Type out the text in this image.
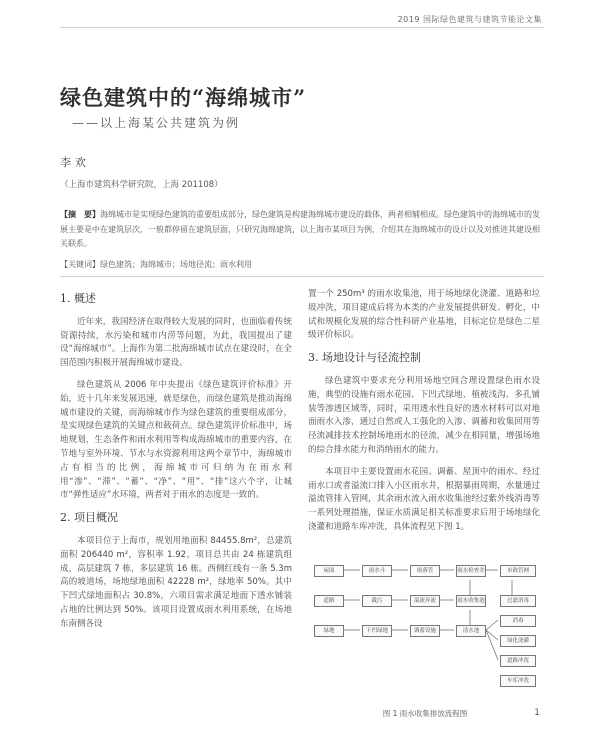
2019 国际绿色建筑与建筑节能论文集
绿色建筑中的“海绵城市”
——以上海某公共建筑为例
李欢
（上海市建筑科学研究院，上海 201108）
【摘　要】海绵城市是实现绿色建筑的重要组成部分，绿色建筑是构建海绵城市建设的载体，两者相辅相成。绿色建筑中的海绵城市的发展主要是中在建筑层次，一般都停留在建筑层面，只研究海绵建筑，以上海市某项目为例，介绍其在海绵城市的设计以及对推进其建设相关联系。
【关键词】绿色建筑；海绵城市；场地径流；雨水利用
1. 概述

近年来，我国经济在取得较大发展的同时，也面临着传统资源持续，水污染和城市内涝等问题，为此，我国提出了建设“海绵城市”。上海作为第二批海绵城市试点在建设时，在全国范围内积极开展海绵城市建设。

绿色建筑从 2006 年中央提出《绿色建筑评价标准》开始，近十几年来发展迅速，就是绿色，而绿色建筑是推动海绵城市建设的关键，而海绵城市作为绿色建筑的重要组成部分，是实现绿色建筑的关键点和载荷点。绿色建筑评价标准中，场地规划，生态条件和雨水利用等构成海绵城市的重要内容，在节地与室外环境、节水与水资源利用这两个章节中，海绵城市占有相当的比例，海绵城市可归纳为在雨水利用“渗”、“滞”、“蓄”、“净”、“用”、“排”这六个字，让城市“弹性适应”水环境，两者对于雨水的态度是一致的。

2. 项目概况

本项目位于上海市，规划用地面积 84455.8m²，总建筑面积 206440 m²，容积率 1.92。项目总共由 24 栋建筑组成，高层建筑 7 栋，多层建筑 16 栋。西侧红线有一条 5.3m 高的坡道场，场地绿地面积 42228 m²，绿地率 50%。其中下凹式绿地面积占 30.8%，六项目需求满足地面下透水铺装占地的比例达到 50%。该项目设置成雨水利用系统，在场地东南侧各设

置一个 250m³ 的雨水收集池，用于场地绿化浇灌、道路和垃圾冲洗，项目建成后将为本类的产业发展提供研发、孵化，中试和规模化发展的综合性科研产业基地，目标定位是绿色二星级评价标识。

3. 场地设计与径流控制

绿色建筑中要求充分利用场地空间合理设置绿色雨水设施，典型的设施有雨水花园、下凹式绿地、植被浅沟、多孔铺装等渗透区域等，同时，采用透水性良好的透水材料可以对地面雨水入渗，通过自然或人工强化的入渗、调蓄和收集回用等径流减排技术控制场地雨水的径流，减少在相同量，增强场地的综合排水能力和消纳雨水的能力。

本项目中主要设置雨水花园、调蓄、屋顶中的雨水、经过雨水口或者溢流口排入小区雨水井，根据暴雨周期，水量通过溢流管排入管网，其余雨水流入雨水收集池经过紫外线消毒等一系列处理措施，保证水质满足相关标准要求后用于场地绿化浇灌和道路车库冲洗，具体流程见下图 1。

屋面	雨水斗	雨落管	雨水检查井	市政管网
道路	截污	溢流弃流	雨水收集池	过滤消毒
绿地	下凹绿地	调蓄设施	清水池
消毒
绿化浇灌
道路冲洗
车库冲洗
图 1 雨水收集排放流程图	1
